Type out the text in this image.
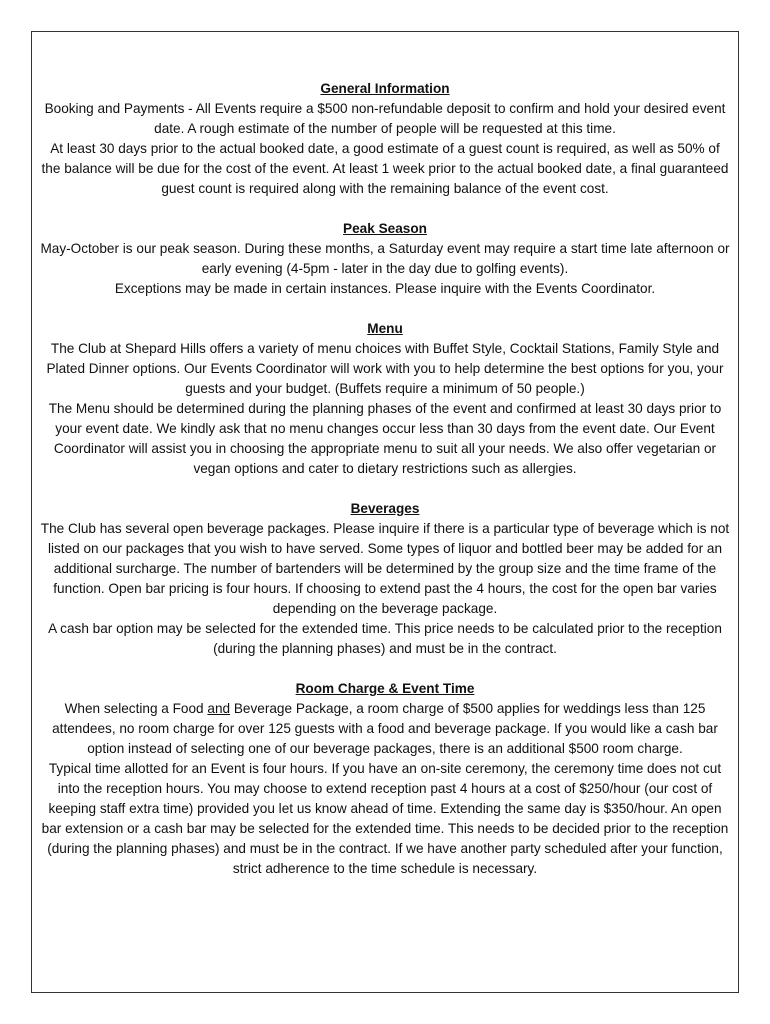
General Information

Booking and Payments - All Events require a $500 non-refundable deposit to confirm and hold your desired event date. A rough estimate of the number of people will be requested at this time.

At least 30 days prior to the actual booked date, a good estimate of a guest count is required, as well as 50% of the balance will be due for the cost of the event. At least 1 week prior to the actual booked date, a final guaranteed guest count is required along with the remaining balance of the event cost.

Peak Season

May-October is our peak season. During these months, a Saturday event may require a start time late afternoon or early evening (4-5pm - later in the day due to golfing events).

Exceptions may be made in certain instances. Please inquire with the Events Coordinator.

Menu

The Club at Shepard Hills offers a variety of menu choices with Buffet Style, Cocktail Stations, Family Style and Plated Dinner options. Our Events Coordinator will work with you to help determine the best options for you, your guests and your budget. (Buffets require a minimum of 50 people.)

The Menu should be determined during the planning phases of the event and confirmed at least 30 days prior to your event date. We kindly ask that no menu changes occur less than 30 days from the event date. Our Event Coordinator will assist you in choosing the appropriate menu to suit all your needs. We also offer vegetarian or vegan options and cater to dietary restrictions such as allergies.

Beverages

The Club has several open beverage packages. Please inquire if there is a particular type of beverage which is not listed on our packages that you wish to have served. Some types of liquor and bottled beer may be added for an additional surcharge. The number of bartenders will be determined by the group size and the time frame of the function. Open bar pricing is four hours. If choosing to extend past the 4 hours, the cost for the open bar varies depending on the beverage package.

A cash bar option may be selected for the extended time. This price needs to be calculated prior to the reception (during the planning phases) and must be in the contract.

Room Charge & Event Time

When selecting a Food and Beverage Package, a room charge of $500 applies for weddings less than 125 attendees, no room charge for over 125 guests with a food and beverage package. If you would like a cash bar option instead of selecting one of our beverage packages, there is an additional $500 room charge.

Typical time allotted for an Event is four hours. If you have an on-site ceremony, the ceremony time does not cut into the reception hours. You may choose to extend reception past 4 hours at a cost of $250/hour (our cost of keeping staff extra time) provided you let us know ahead of time. Extending the same day is $350/hour. An open bar extension or a cash bar may be selected for the extended time. This needs to be decided prior to the reception (during the planning phases) and must be in the contract. If we have another party scheduled after your function, strict adherence to the time schedule is necessary.
